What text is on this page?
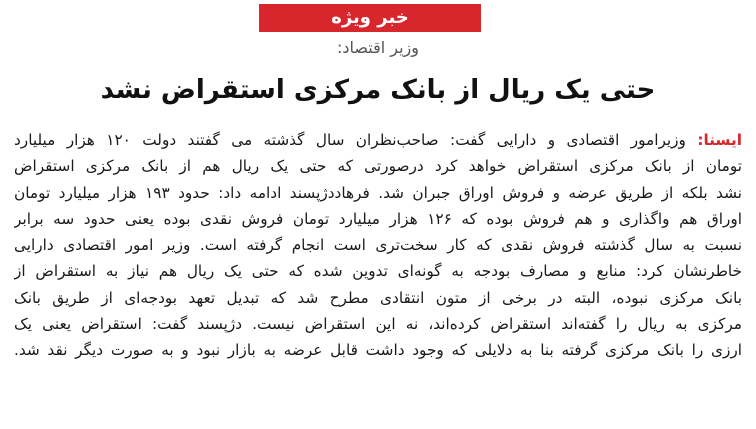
خبر ویژه
وزیر اقتصاد:
حتی یک ریال از بانک مرکزی استقراض نشد
ایسنا: وزیرامور اقتصادی و دارایی گفت: صاحب‌نظران سال گذشته می گفتند دولت ۱۲۰ هزار میلیارد
تومان از بانک مرکزی استقراض خواهد کرد درصورتی که حتی یک ریال هم از بانک مرکزی استقراض
نشد بلکه از طریق عرضه و فروش اوراق جبران شد. فرهاددژپسند ادامه داد: حدود ۱۹۳ هزار میلیارد تومان
اوراق هم واگذاری و هم فروش بوده که ۱۲۶ هزار میلیارد تومان فروش نقدی بوده یعنی حدود سه برابر
نسبت به سال گذشته فروش نقدی که کار سخت‌تری است انجام گرفته است. وزیر امور اقتصادی دارایی
خاطرنشان کرد: منابع و مصارف بودجه به گونه‌ای تدوین شده که حتی یک ریال هم نیاز به استقراض از
بانک مرکزی نبوده، البته در برخی از متون انتقادی مطرح شد که تبدیل تعهد بودجه‌ای از طریق بانک
مرکزی به ریال را گفته‌اند استقراض کرده‌اند، نه این استقراض نیست. دژپسند گفت: استقراض یعنی یک
ارزی را بانک مرکزی گرفته بنا به دلایلی که وجود داشت قابل عرضه به بازار نبود و به صورت دیگر نقد شد.
